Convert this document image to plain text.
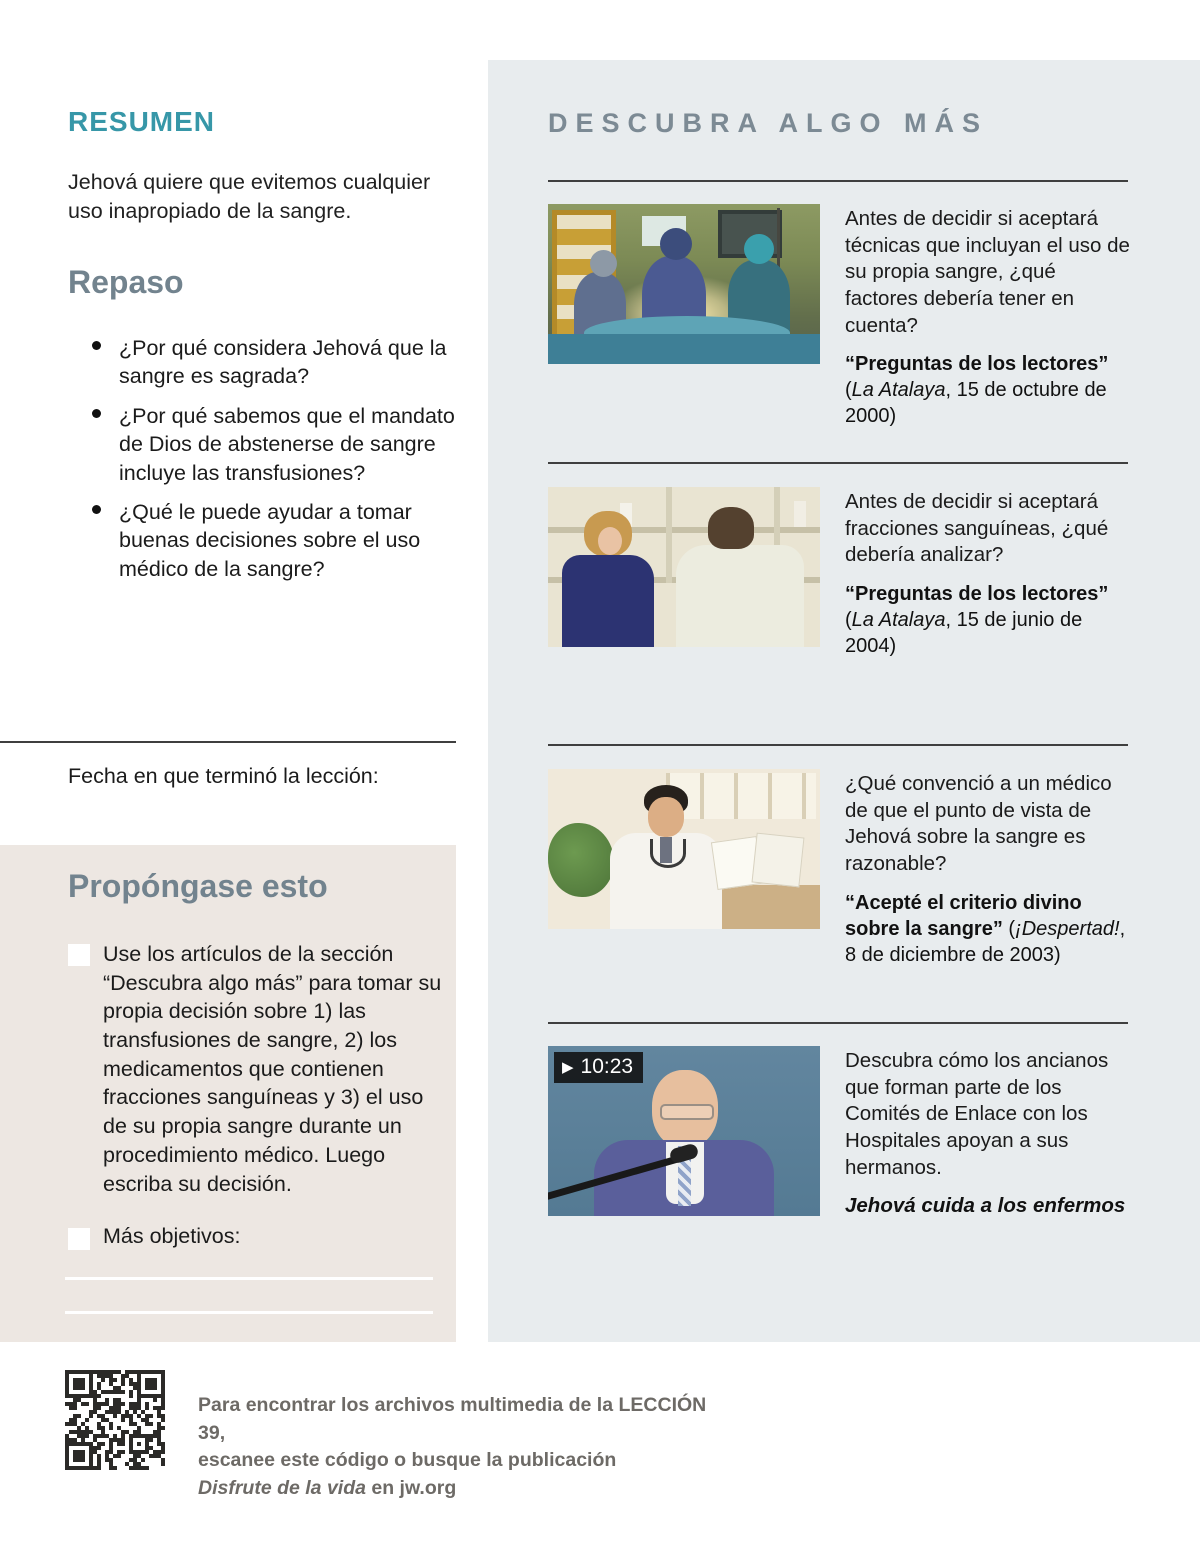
RESUMEN
Jehová quiere que evitemos cualquier uso inapropiado de la sangre.
Repaso
¿Por qué considera Jehová que la sangre es sagrada?
¿Por qué sabemos que el mandato de Dios de abstenerse de sangre incluye las transfusiones?
¿Qué le puede ayudar a tomar buenas decisiones sobre el uso médico de la sangre?
Fecha en que terminó la lección:
Propóngase esto
Use los artículos de la sección “Descubra algo más” para tomar su propia decisión sobre 1) las transfusiones de sangre, 2) los medicamentos que contienen fracciones sanguíneas y 3) el uso de su propia sangre durante un procedimiento médico. Luego escriba su decisión.
Más objetivos:
Para encontrar los archivos multimedia de la LECCIÓN 39,
escanee este código o busque la publicación
Disfrute de la vida en jw.org
DESCUBRA ALGO MÁS

Antes de decidir si aceptará técnicas que incluyan el uso de su propia sangre, ¿qué factores debería tener en cuenta?

“Preguntas de los lectores” (La Atalaya, 15 de octubre de 2000)

Antes de decidir si aceptará fracciones sanguíneas, ¿qué debería analizar?

“Preguntas de los lectores” (La Atalaya, 15 de junio de 2004)

¿Qué convenció a un médico de que el punto de vista de Jehová sobre la sangre es razonable?

“Acepté el criterio divino sobre la sangre” (¡Despertad!, 8 de diciembre de 2003)

▶ 10:23	Descubra cómo los ancianos que forman parte de los Comités de Enlace con los Hospitales apoyan a sus hermanos.

Jehová cuida a los enfermos
